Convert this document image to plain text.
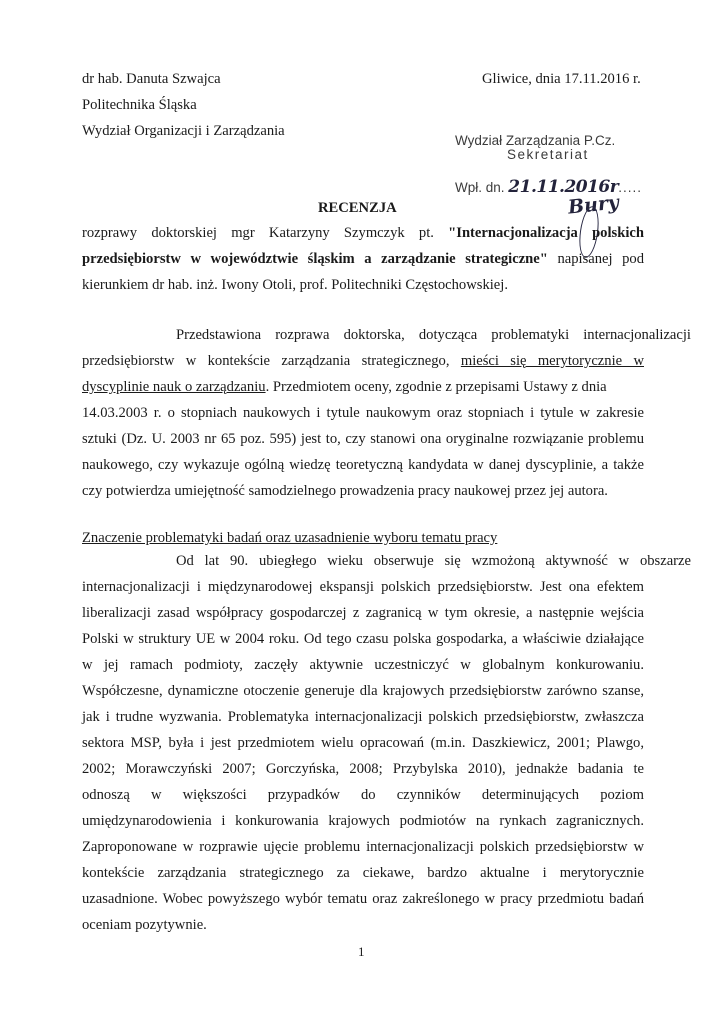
dr hab. Danuta Szwajca
Politechnika Śląska
Wydział Organizacji i Zarządzania
Gliwice, dnia 17.11.2016 r.
Wydział Zarządzania P.Cz.
Sekretariat
Wpł. dn. 21.11.2016r.....
Bury
RECENZJA
rozprawy doktorskiej mgr Katarzyny Szymczyk pt. "Internacjonalizacja polskich
przedsiębiorstw w województwie śląskim a zarządzanie strategiczne" napisanej pod
kierunkiem dr hab. inż. Iwony Otoli, prof. Politechniki Częstochowskiej.
Przedstawiona rozprawa doktorska, dotycząca problematyki internacjonalizacji
przedsiębiorstw w kontekście zarządzania strategicznego, mieści się merytorycznie w
dyscyplinie nauk o zarządzaniu. Przedmiotem oceny, zgodnie z przepisami Ustawy z dnia
14.03.2003 r. o stopniach naukowych i tytule naukowym oraz stopniach i tytule w zakresie
sztuki (Dz. U. 2003 nr 65 poz. 595) jest to, czy stanowi ona oryginalne rozwiązanie problemu
naukowego, czy wykazuje ogólną wiedzę teoretyczną kandydata w danej dyscyplinie, a także
czy potwierdza umiejętność samodzielnego prowadzenia pracy naukowej przez jej autora.
Znaczenie problematyki badań oraz uzasadnienie wyboru tematu pracy
Od lat 90. ubiegłego wieku obserwuje się wzmożoną aktywność w obszarze
internacjonalizacji i międzynarodowej ekspansji polskich przedsiębiorstw. Jest ona efektem
liberalizacji zasad współpracy gospodarczej z zagranicą w tym okresie, a następnie wejścia
Polski w struktury UE w 2004 roku. Od tego czasu polska gospodarka, a właściwie działające
w jej ramach podmioty, zaczęły aktywnie uczestniczyć w globalnym konkurowaniu.
Współczesne, dynamiczne otoczenie generuje dla krajowych przedsiębiorstw zarówno szanse,
jak i trudne wyzwania. Problematyka internacjonalizacji polskich przedsiębiorstw, zwłaszcza
sektora MSP, była i jest przedmiotem wielu opracowań (m.in. Daszkiewicz, 2001; Plawgo,
2002; Morawczyński 2007; Gorczyńska, 2008; Przybylska 2010), jednakże badania te
odnoszą w większości przypadków do czynników determinujących poziom
umiędzynarodowienia i konkurowania krajowych podmiotów na rynkach zagranicznych.
Zaproponowane w rozprawie ujęcie problemu internacjonalizacji polskich przedsiębiorstw w
kontekście zarządzania strategicznego za ciekawe, bardzo aktualne i merytorycznie
uzasadnione. Wobec powyższego wybór tematu oraz zakreślonego w pracy przedmiotu badań
oceniam pozytywnie.
1
